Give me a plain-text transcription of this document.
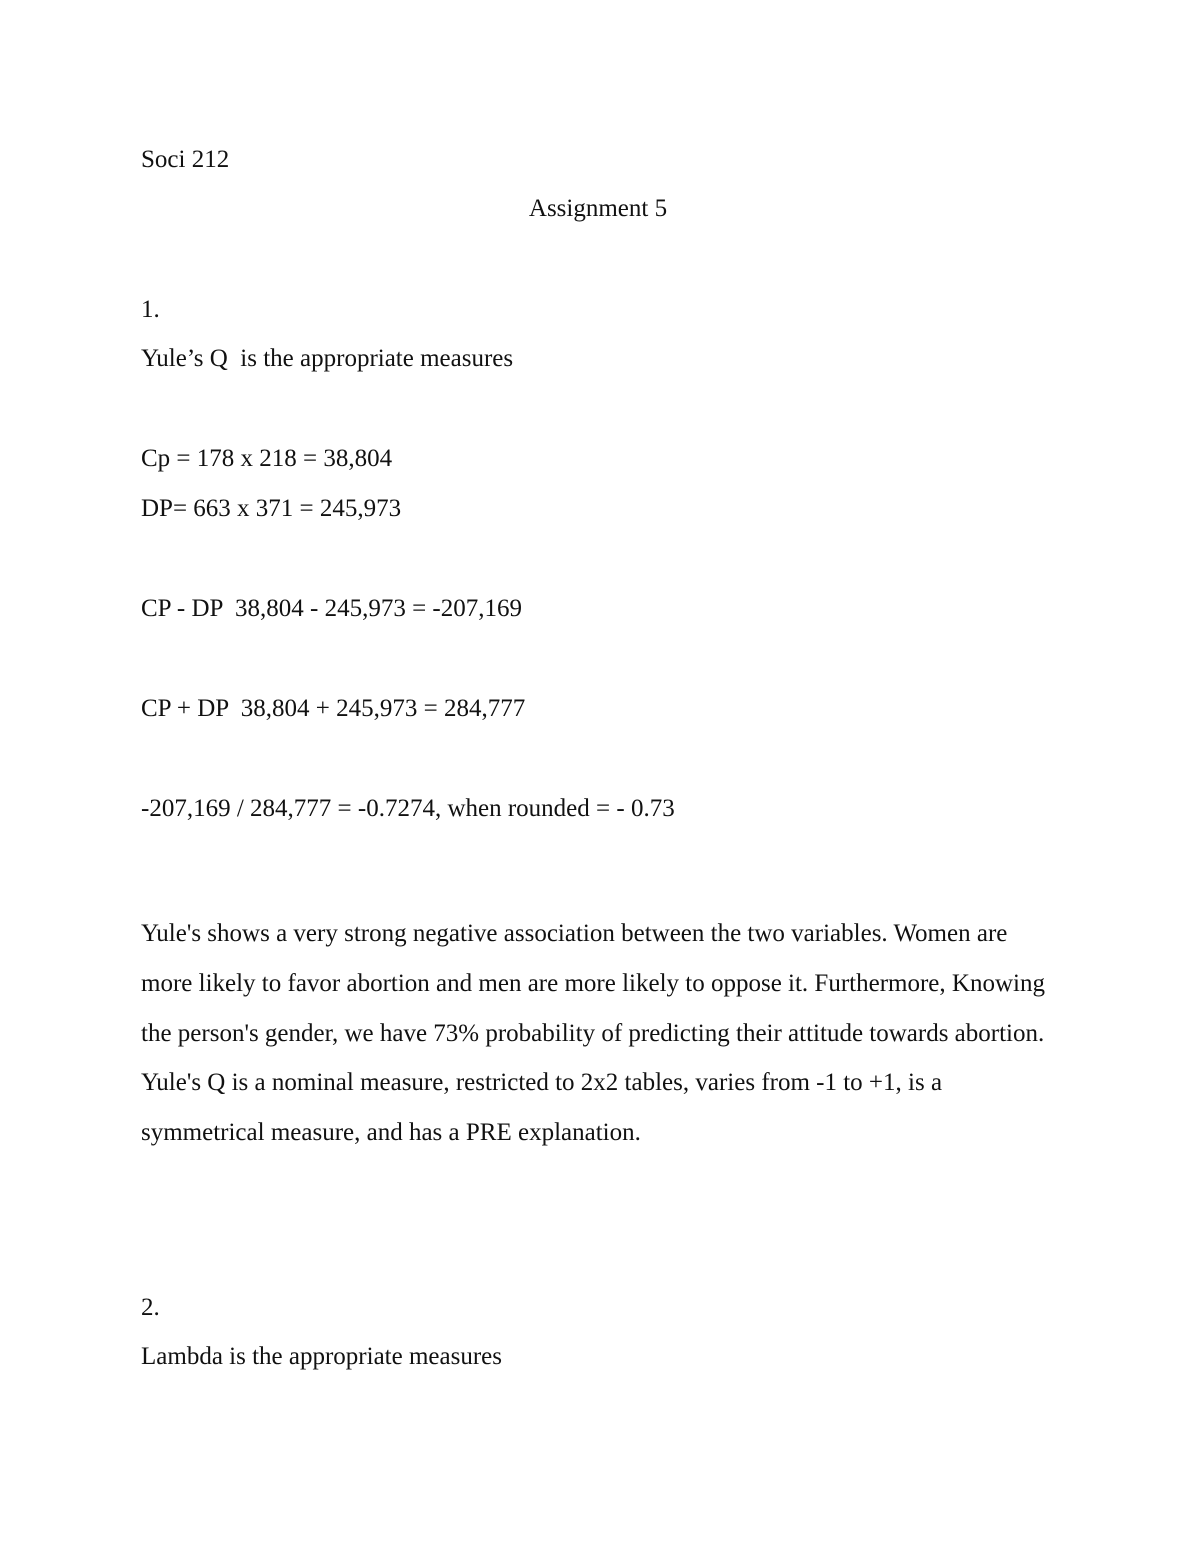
Soci 212
Assignment 5
1.
Yule’s Q  is the appropriate measures
Cp = 178 x 218 = 38,804
DP= 663 x 371 = 245,973
CP - DP  38,804 - 245,973 = -207,169
CP + DP  38,804 + 245,973 = 284,777
-207,169 / 284,777 = -0.7274, when rounded = - 0.73
Yule's shows a very strong negative association between the two variables. Women are more likely to favor abortion and men are more likely to oppose it. Furthermore, Knowing the person's gender, we have 73% probability of predicting their attitude towards abortion. Yule's Q is a nominal measure, restricted to 2x2 tables, varies from -1 to +1, is a symmetrical measure, and has a PRE explanation.
2.
Lambda is the appropriate measures
